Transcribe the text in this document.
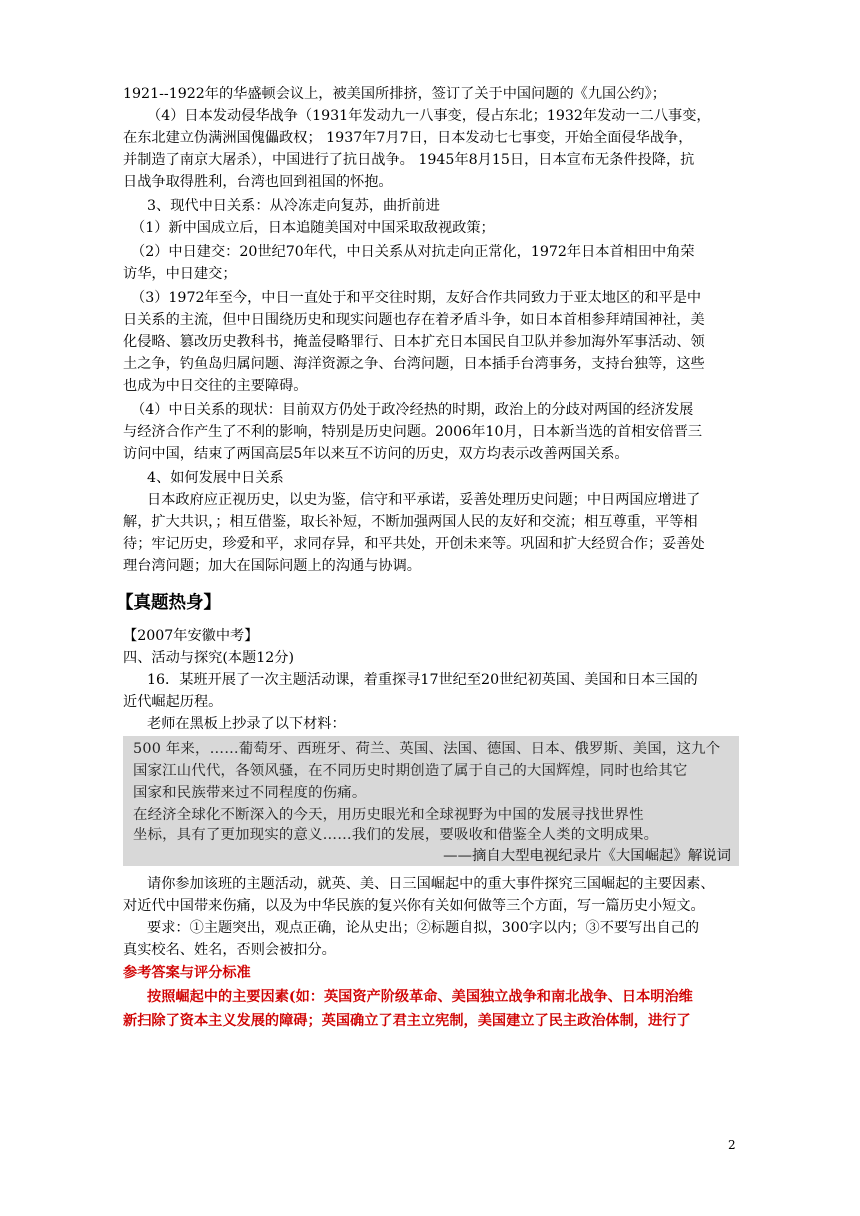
1921--1922年的华盛顿会议上，被美国所排挤，签订了关于中国问题的《九国公约》；
（4）日本发动侵华战争（1931年发动九一八事变，侵占东北；1932年发动一二八事变，
在东北建立伪满洲国傀儡政权； 1937年7月7日，日本发动七七事变，开始全面侵华战争，
并制造了南京大屠杀），中国进行了抗日战争。 1945年8月15日，日本宣布无条件投降，抗
日战争取得胜利，台湾也回到祖国的怀抱。
3、现代中日关系：从冷冻走向复苏，曲折前进
（1）新中国成立后，日本追随美国对中国采取敌视政策；
（2）中日建交：20世纪70年代，中日关系从对抗走向正常化，1972年日本首相田中角荣
访华，中日建交；
（3）1972年至今，中日一直处于和平交往时期，友好合作共同致力于亚太地区的和平是中
日关系的主流，但中日围绕历史和现实问题也存在着矛盾斗争，如日本首相参拜靖国神社，美
化侵略、篡改历史教科书，掩盖侵略罪行、日本扩充日本国民自卫队并参加海外军事活动、领
土之争，钓鱼岛归属问题、海洋资源之争、台湾问题，日本插手台湾事务，支持台独等，这些
也成为中日交往的主要障碍。
（4）中日关系的现状：目前双方仍处于政冷经热的时期，政治上的分歧对两国的经济发展
与经济合作产生了不利的影响，特别是历史问题。2006年10月，日本新当选的首相安倍晋三
访问中国，结束了两国高层5年以来互不访问的历史，双方均表示改善两国关系。
4、如何发展中日关系
日本政府应正视历史，以史为鉴，信守和平承诺，妥善处理历史问题；中日两国应增进了
解，扩大共识，；相互借鉴，取长补短，不断加强两国人民的友好和交流；相互尊重，平等相
待；牢记历史，珍爱和平，求同存异，和平共处，开创未来等。巩固和扩大经贸合作；妥善处
理台湾问题；加大在国际问题上的沟通与协调。
【真题热身】
【2007年安徽中考】
四、活动与探究(本题12分)
16．某班开展了一次主题活动课，着重探寻17世纪至20世纪初英国、美国和日本三国的
近代崛起历程。
老师在黑板上抄录了以下材料：
500 年来，……葡萄牙、西班牙、荷兰、英国、法国、德国、日本、俄罗斯、美国，这九个
国家江山代代，各领风骚，在不同历史时期创造了属于自己的大国辉煌，同时也给其它
国家和民族带来过不同程度的伤痛。
在经济全球化不断深入的今天，用历史眼光和全球视野为中国的发展寻找世界性
坐标，具有了更加现实的意义……我们的发展，要吸收和借鉴全人类的文明成果。
——摘自大型电视纪录片《大国崛起》解说词
请你参加该班的主题活动，就英、美、日三国崛起中的重大事件探究三国崛起的主要因素、
对近代中国带来伤痛，以及为中华民族的复兴你有关如何做等三个方面，写一篇历史小短文。
要求：①主题突出，观点正确，论从史出；②标题自拟，300字以内；③不要写出自己的
真实校名、姓名，否则会被扣分。
参考答案与评分标准
按照崛起中的主要因素(如：英国资产阶级革命、美国独立战争和南北战争、日本明治维
新扫除了资本主义发展的障碍；英国确立了君主立宪制，美国建立了民主政治体制，进行了
2
